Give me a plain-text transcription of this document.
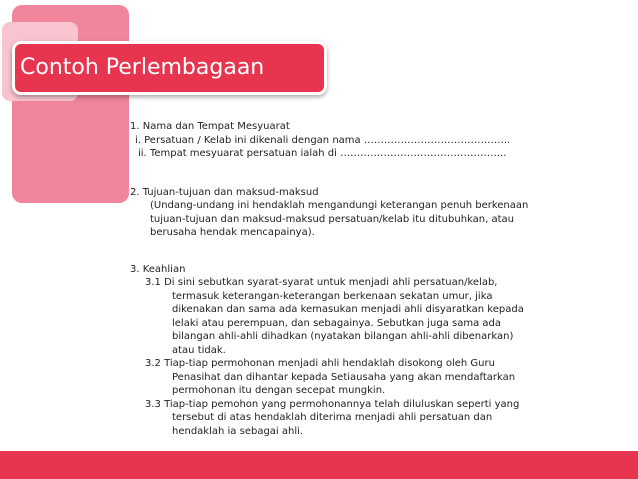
Contoh Perlembagaan

1. Nama dan Tempat Mesyuarat

i. Persatuan / Kelab ini dikenali dengan nama ……………………………………..

ii. Tempat mesyuarat persatuan ialah di …………………………………………..

2. Tujuan-tujuan dan maksud-maksud

(Undang-undang ini hendaklah mengandungi keterangan penuh berkenaan

tujuan-tujuan dan maksud-maksud persatuan/kelab itu ditubuhkan, atau

berusaha hendak mencapainya).

3. Keahlian

3.1 Di sini sebutkan syarat-syarat untuk menjadi ahli persatuan/kelab,

termasuk keterangan-keterangan berkenaan sekatan umur, jika

dikenakan dan sama ada kemasukan menjadi ahli disyaratkan kepada

lelaki atau perempuan, dan sebagainya. Sebutkan juga sama ada

bilangan ahli-ahli dihadkan (nyatakan bilangan ahli-ahli dibenarkan)

atau tidak.

3.2 Tiap-tiap permohonan menjadi ahli hendaklah disokong oleh Guru

Penasihat dan dihantar kepada Setiausaha yang akan mendaftarkan

permohonan itu dengan secepat mungkin.

3.3 Tiap-tiap pemohon yang permohonannya telah diluluskan seperti yang

tersebut di atas hendaklah diterima menjadi ahli persatuan dan

hendaklah ia sebagai ahli.
